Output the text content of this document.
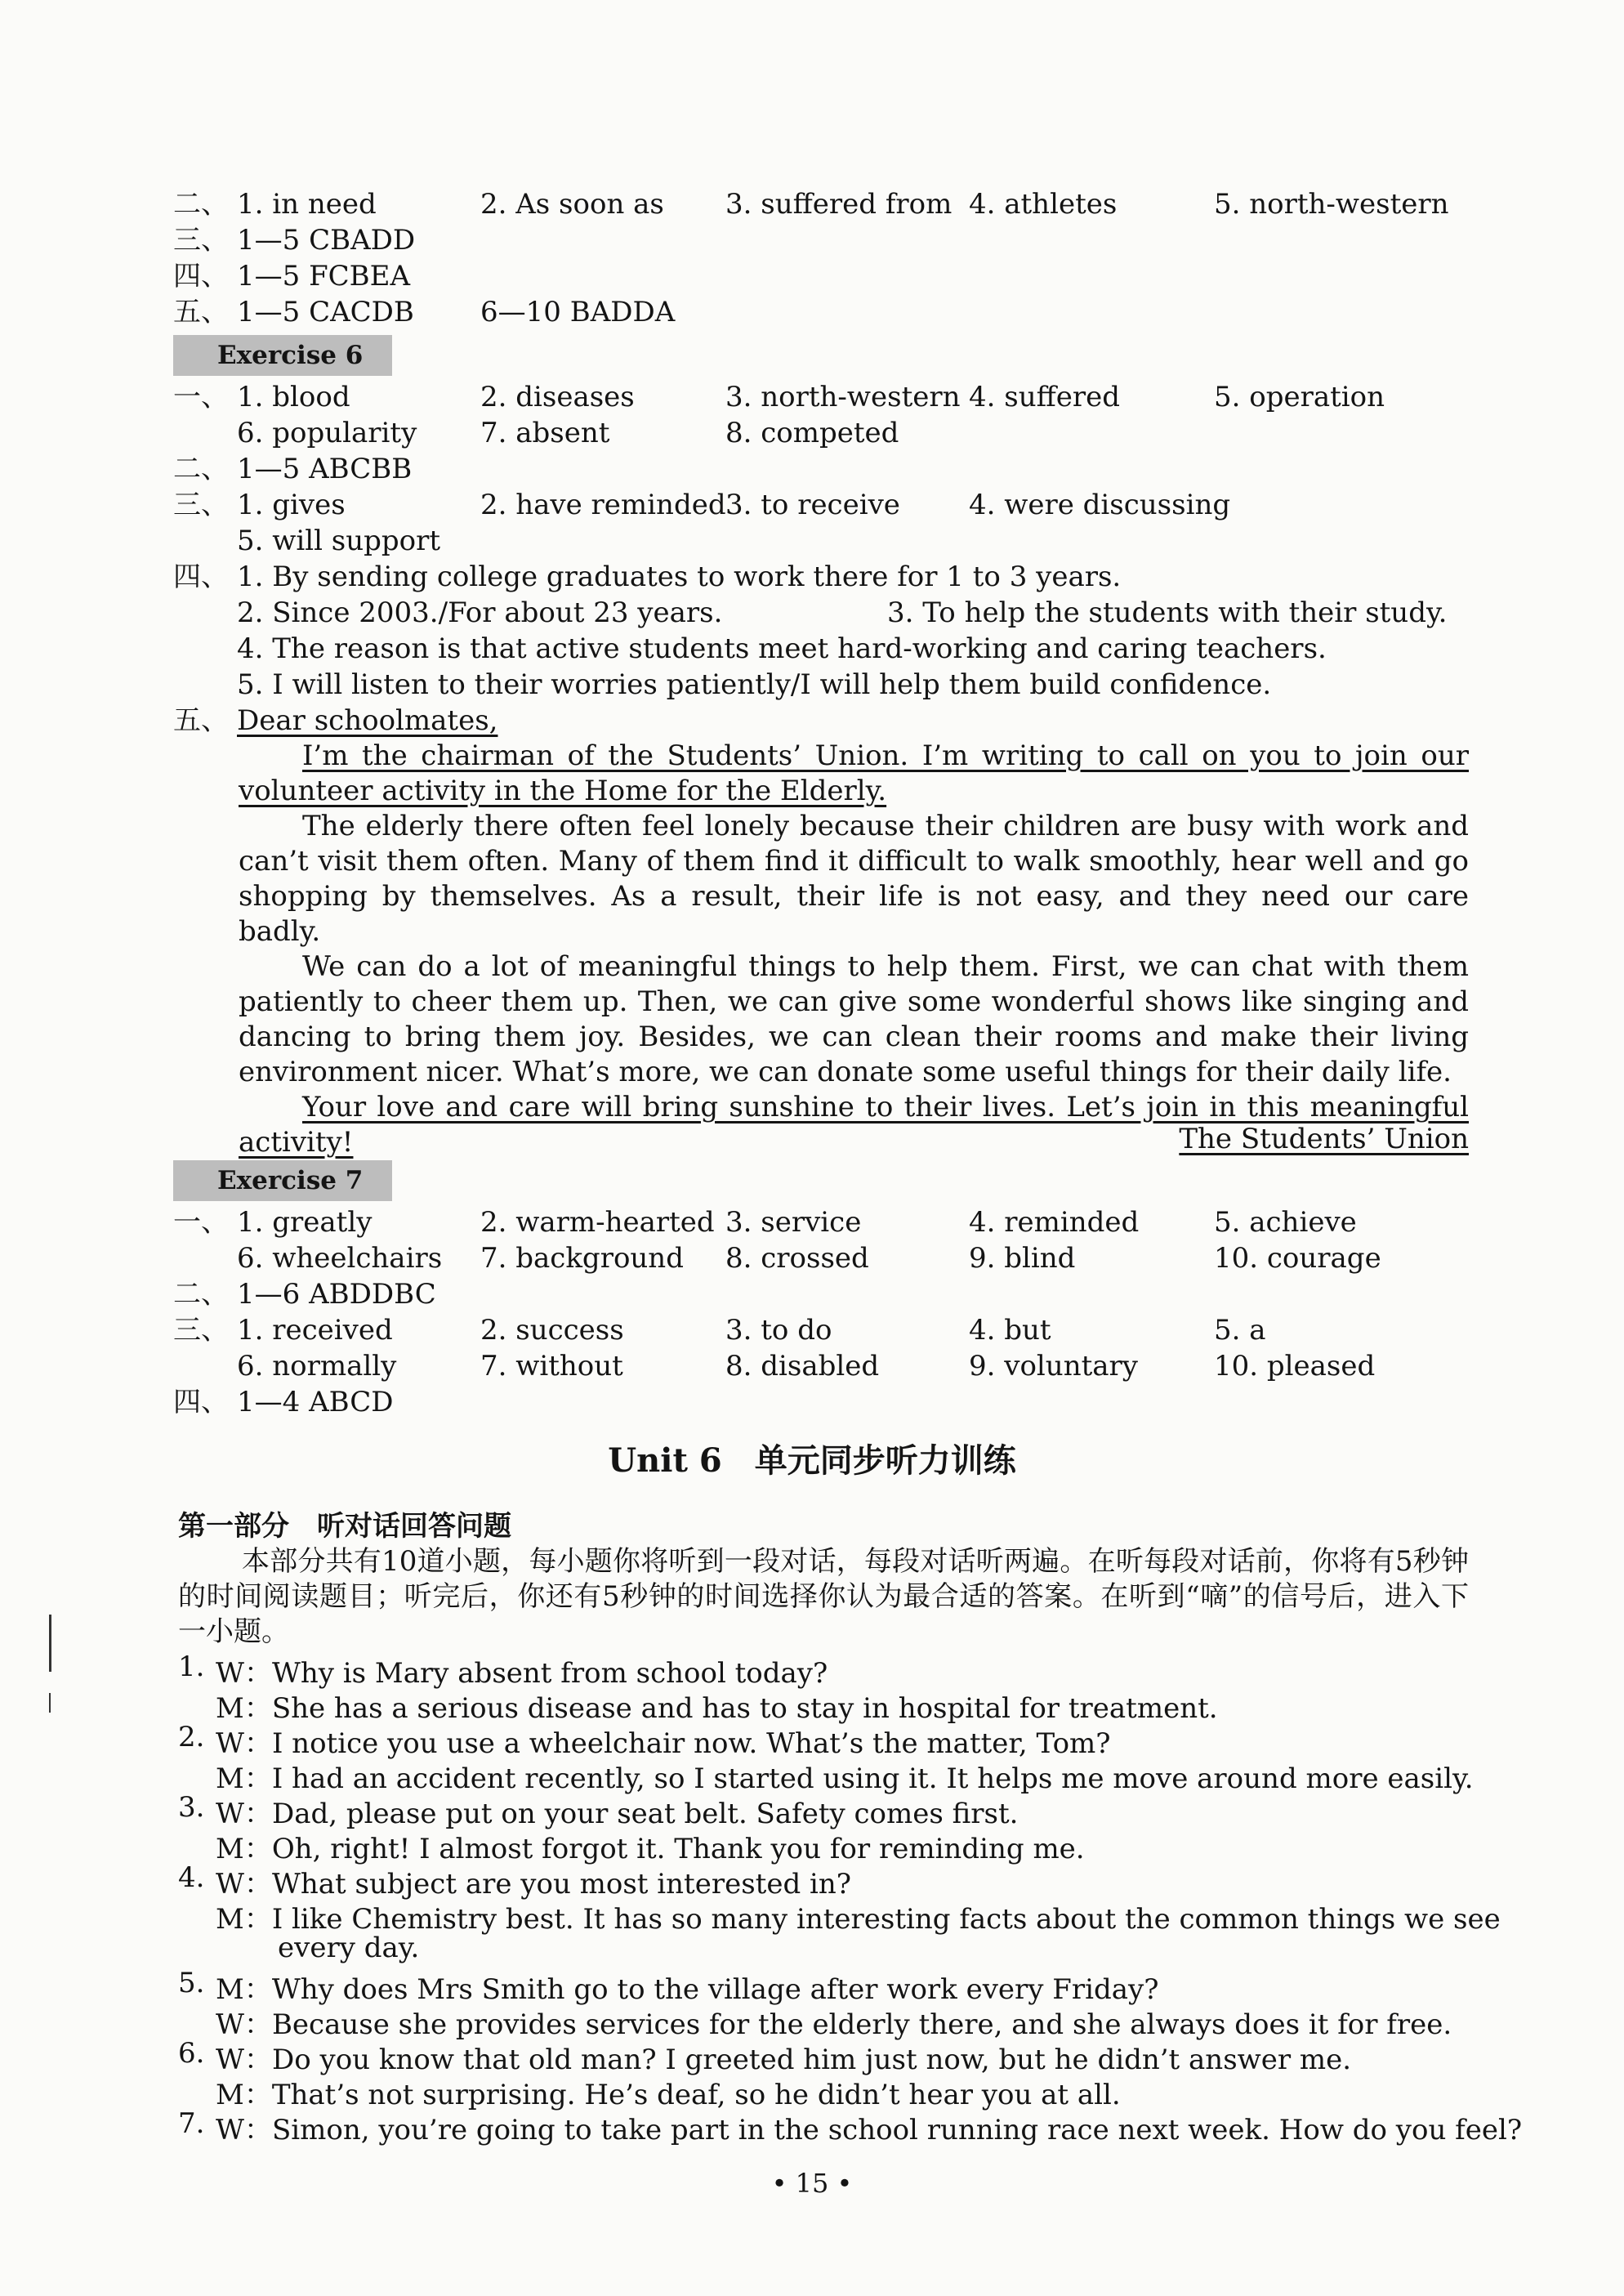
二、 1. in need	2. As soon as 3. suffered from 4. athletes	5. north-western
三、 1—5 CBADD
四、 1—5 FCBEA
五、 1—5 CACDB 6—10 BADDA
Exercise 6
一、 1. blood	2. diseases	3. north-western 4. suffered	5. operation
6. popularity 7. absent	8. competed
二、 1—5 ABCBB
三、 1. gives	2. have reminded 3. to receive 4. were discussing
5. will support
四、 1. By sending college graduates to work there for 1 to 3 years.
2. Since 2003./For about 23 years.	3. To help the students with their study.
4. The reason is that active students meet hard-working and caring teachers.
5. I will listen to their worries patiently/I will help them build confidence.
五、 Dear schoolmates,

I’m the chairman of the Students’ Union. I’m writing to call on you to join our volunteer activity in the Home for the Elderly.

The elderly there often feel lonely because their children are busy with work and can’t visit them often. Many of them find it difficult to walk smoothly, hear well and go shopping by themselves. As a result, their life is not easy, and they need our care badly.

We can do a lot of meaningful things to help them. First, we can chat with them patiently to cheer them up. Then, we can give some wonderful shows like singing and dancing to bring them joy. Besides, we can clean their rooms and make their living environment nicer. What’s more, we can donate some useful things for their daily life.

Your love and care will bring sunshine to their lives. Let’s join in this meaningful activity!	The Students’ Union
Exercise 7
一、 1. greatly	2. warm-hearted 3. service	4. reminded	5. achieve
6. wheelchairs 7. background 8. crossed	9. blind	10. courage
二、 1—6 ABDDBC
三、 1. received	2. success	3. to do	4. but	5. a
6. normally	7. without	8. disabled	9. voluntary	10. pleased
四、 1—4 ABCD
Unit 6　单元同步听力训练
第一部分　听对话回答问题
本部分共有10道小题，每小题你将听到一段对话，每段对话听两遍。在听每段对话前，你将有5秒钟的时间阅读题目；听完后，你还有5秒钟的时间选择你认为最合适的答案。在听到“嘀”的信号后，进入下一小题。
1. W：Why is Mary absent from school today?
M：She has a serious disease and has to stay in hospital for treatment.
2. W：I notice you use a wheelchair now. What’s the matter, Tom?
M：I had an accident recently, so I started using it. It helps me move around more easily.
3. W：Dad, please put on your seat belt. Safety comes first.
M：Oh, right! I almost forgot it. Thank you for reminding me.
4. W：What subject are you most interested in?
M：I like Chemistry best. It has so many interesting facts about the common things we see
every day.
5. M：Why does Mrs Smith go to the village after work every Friday?
W：Because she provides services for the elderly there, and she always does it for free.
6. W：Do you know that old man? I greeted him just now, but he didn’t answer me.
M：That’s not surprising. He’s deaf, so he didn’t hear you at all.
7. W：Simon, you’re going to take part in the school running race next week. How do you feel?
• 15 •
